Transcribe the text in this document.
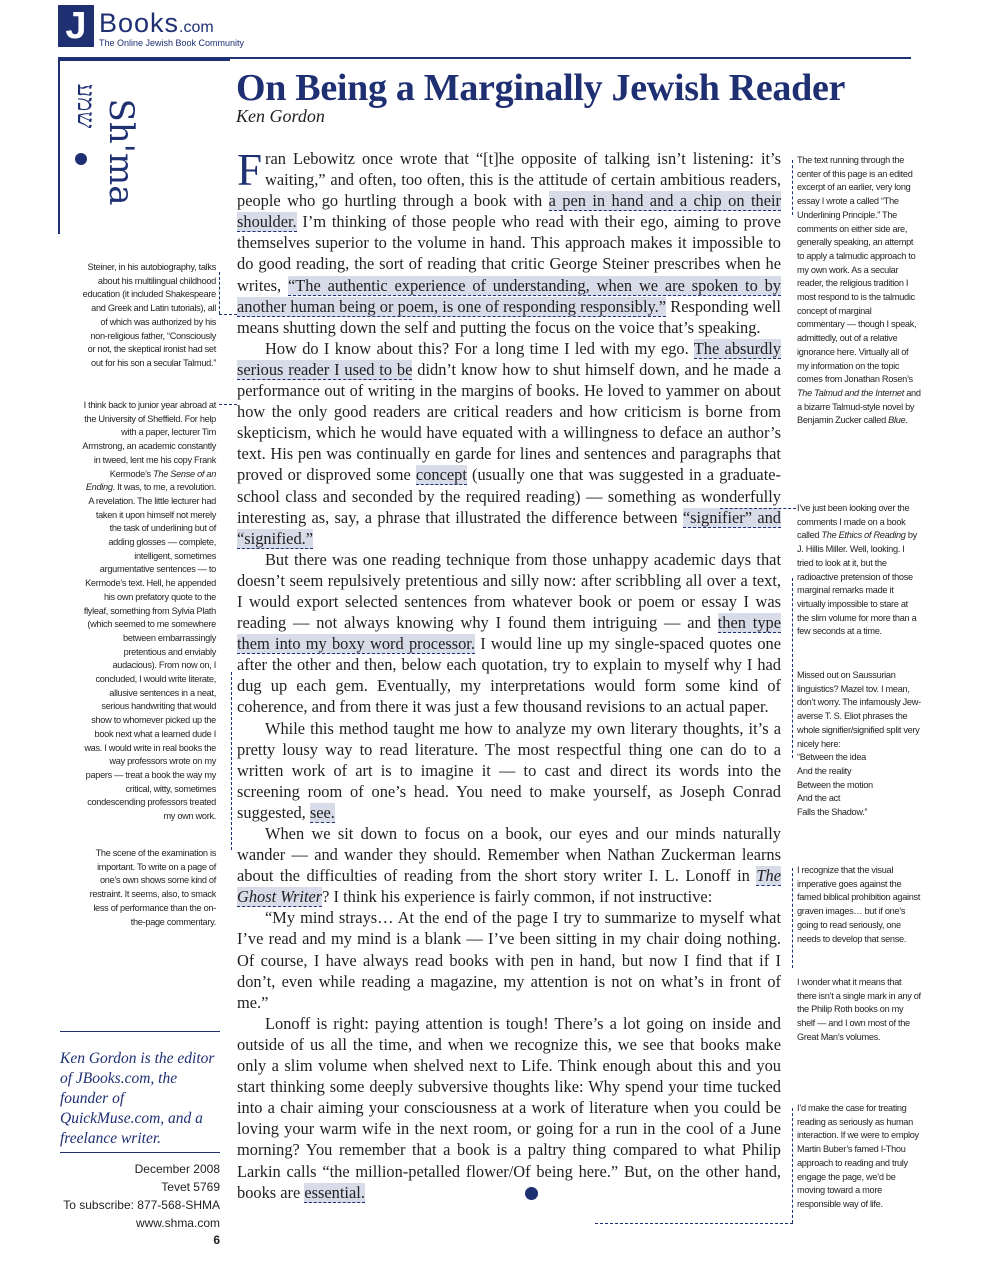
J Books.com
The Online Jewish Book Community
Sh'ma
שמע	On Being a Marginally Jewish Reader
Ken Gordon

Fran Lebowitz once wrote that “[t]he opposite of talking isn’t listening: it’s waiting,” and often, too often, this is the attitude of certain ambitious readers, people who go hurtling through a book with a pen in hand and a chip on their shoulder. I’m thinking of those people who read with their ego, aiming to prove themselves superior to the volume in hand. This approach makes it impossible to do good reading, the sort of reading that critic George Steiner prescribes when he writes, “The authentic experience of understanding, when we are spoken to by another human being or poem, is one of responding responsibly.” Responding well means shutting down the self and putting the focus on the voice that’s speaking.

How do I know about this? For a long time I led with my ego. The absurdly serious reader I used to be didn’t know how to shut himself down, and he made a performance out of writing in the margins of books. He loved to yammer on about how the only good readers are critical readers and how criticism is borne from skepticism, which he would have equated with a willingness to deface an author’s text. His pen was continually en garde for lines and sentences and paragraphs that proved or disproved some concept (usually one that was suggested in a graduate-school class and seconded by the required reading) — something as wonderfully interesting as, say, a phrase that illustrated the difference between “signifier” and “signified.”

But there was one reading technique from those unhappy academic days that doesn’t seem repulsively pretentious and silly now: after scribbling all over a text, I would export selected sentences from whatever book or poem or essay I was reading — not always knowing why I found them intriguing — and then type them into my boxy word processor. I would line up my single-spaced quotes one after the other and then, below each quotation, try to explain to myself why I had dug up each gem. Eventually, my interpretations would form some kind of coherence, and from there it was just a few thousand revisions to an actual paper.

While this method taught me how to analyze my own literary thoughts, it’s a pretty lousy way to read literature. The most respectful thing one can do to a written work of art is to imagine it — to cast and direct its words into the screening room of one’s head. You need to make yourself, as Joseph Conrad suggested, see.

When we sit down to focus on a book, our eyes and our minds naturally wander — and wander they should. Remember when Nathan Zuckerman learns about the difficulties of reading from the short story writer I. L. Lonoff in The Ghost Writer? I think his experience is fairly common, if not instructive:

“My mind strays… At the end of the page I try to summarize to myself what I’ve read and my mind is a blank — I’ve been sitting in my chair doing nothing. Of course, I have always read books with pen in hand, but now I find that if I don’t, even while reading a magazine, my attention is not on what’s in front of me.”

Lonoff is right: paying attention is tough! There’s a lot going on inside and outside of us all the time, and when we recognize this, we see that books make only a slim volume when shelved next to Life. Think enough about this and you start thinking some deeply subversive thoughts like: Why spend your time tucked into a chair aiming your consciousness at a work of literature when you could be loving your warm wife in the next room, or going for a run in the cool of a June morning? You remember that a book is a paltry thing compared to what Philip Larkin calls “the million-petalled flower/Of being here.” But, on the other hand, books are essential.

Steiner, in his autobiography, talks about his multilingual childhood education (it included Shakespeare and Greek and Latin tutorials), all of which was authorized by his non-religious father, “Consciously or not, the skeptical ironist had set out for his son a secular Talmud.”
I think back to junior year abroad at the University of Sheffield. For help with a paper, lecturer Tim Armstrong, an academic constantly in tweed, lent me his copy Frank Kermode’s The Sense of an Ending. It was, to me, a revolution. A revelation. The little lecturer had taken it upon himself not merely the task of underlining but of adding glosses — complete, intelligent, sometimes argumentative sentences — to Kermode’s text. Hell, he appended his own prefatory quote to the flyleaf, something from Sylvia Plath (which seemed to me somewhere between embarrassingly pretentious and enviably audacious). From now on, I concluded, I would write literate, allusive sentences in a neat, serious handwriting that would show to whomever picked up the book next what a learned dude I was. I would write in real books the way professors wrote on my papers — treat a book the way my critical, witty, sometimes condescending professors treated my own work.
The scene of the examination is important. To write on a page of one’s own shows some kind of restraint. It seems, also, to smack less of performance than the on-the-page commentary.
The text running through the center of this page is an edited excerpt of an earlier, very long essay I wrote a called “The Underlining Principle.” The comments on either side are, generally speaking, an attempt to apply a talmudic approach to my own work. As a secular reader, the religious tradition I most respond to is the talmudic concept of marginal commentary — though I speak, admittedly, out of a relative ignorance here. Virtually all of my information on the topic comes from Jonathan Rosen’s The Talmud and the Internet and a bizarre Talmud-style novel by Benjamin Zucker called Blue.
I’ve just been looking over the comments I made on a book called The Ethics of Reading by J. Hillis Miller. Well, looking. I tried to look at it, but the radioactive pretension of those marginal remarks made it virtually impossible to stare at the slim volume for more than a few seconds at a time.
Missed out on Saussurian linguistics? Mazel tov. I mean, don’t worry. The infamously Jew-averse T. S. Eliot phrases the whole signifier/signified split very nicely here:
“Between the idea
And the reality
Between the motion
And the act
Falls the Shadow.”
I recognize that the visual imperative goes against the famed biblical prohibition against graven images… but if one’s going to read seriously, one needs to develop that sense.
I wonder what it means that there isn’t a single mark in any of the Philip Roth books on my shelf — and I own most of the Great Man’s volumes.
I’d make the case for treating reading as seriously as human interaction. If we were to employ Martin Buber’s famed I-Thou approach to reading and truly engage the page, we’d be moving toward a more responsible way of life.
Ken Gordon is the editor of JBooks.com, the founder of QuickMuse.com, and a freelance writer.
December 2008
Tevet 5769
To subscribe: 877-568-SHMA
www.shma.com
6
